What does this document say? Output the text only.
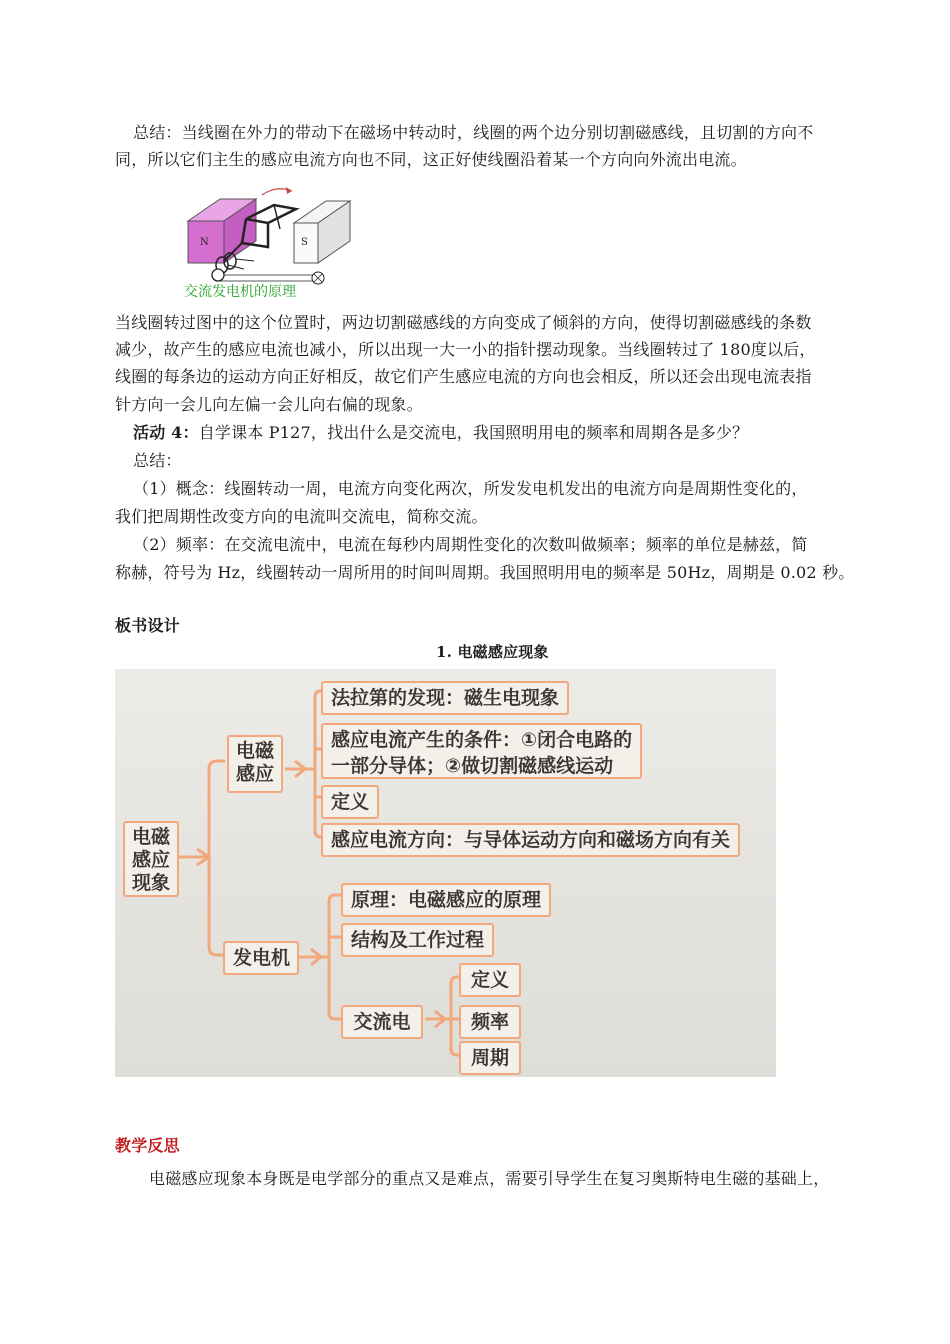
总结：当线圈在外力的带动下在磁场中转动时，线圈的两个边分别切割磁感线，且切割的方向不
同，所以它们主生的感应电流方向也不同，这正好使线圈沿着某一个方向向外流出电流。
N	S
交流发电机的原理
当线圈转过图中的这个位置时，两边切割磁感线的方向变成了倾斜的方向，使得切割磁感线的条数
减少，故产生的感应电流也减小，所以出现一大一小的指针摆动现象。当线圈转过了 180度以后，
线圈的每条边的运动方向正好相反，故它们产生感应电流的方向也会相反，所以还会出现电流表指
针方向一会儿向左偏一会儿向右偏的现象。
活动 4：自学课本 P127，找出什么是交流电，我国照明用电的频率和周期各是多少？
总结：
（1）概念：线圈转动一周，电流方向变化两次，所发发电机发出的电流方向是周期性变化的，
我们把周期性改变方向的电流叫交流电，简称交流。
（2）频率：在交流电流中，电流在每秒内周期性变化的次数叫做频率；频率的单位是赫兹，简
称赫，符号为 Hz，线圈转动一周所用的时间叫周期。我国照明用电的频率是 50Hz，周期是 0.02 秒。
板书设计
1. 电磁感应现象
电磁感应现象
电磁感应
法拉第的发现：磁生电现象
感应电流产生的条件：①闭合电路的
一部分导体；②做切割磁感线运动
定义
感应电流方向：与导体运动方向和磁场方向有关
发电机
原理：电磁感应的原理
结构及工作过程
交流电
定义
频率
周期
教学反思
电磁感应现象本身既是电学部分的重点又是难点，需要引导学生在复习奥斯特电生磁的基础上，
